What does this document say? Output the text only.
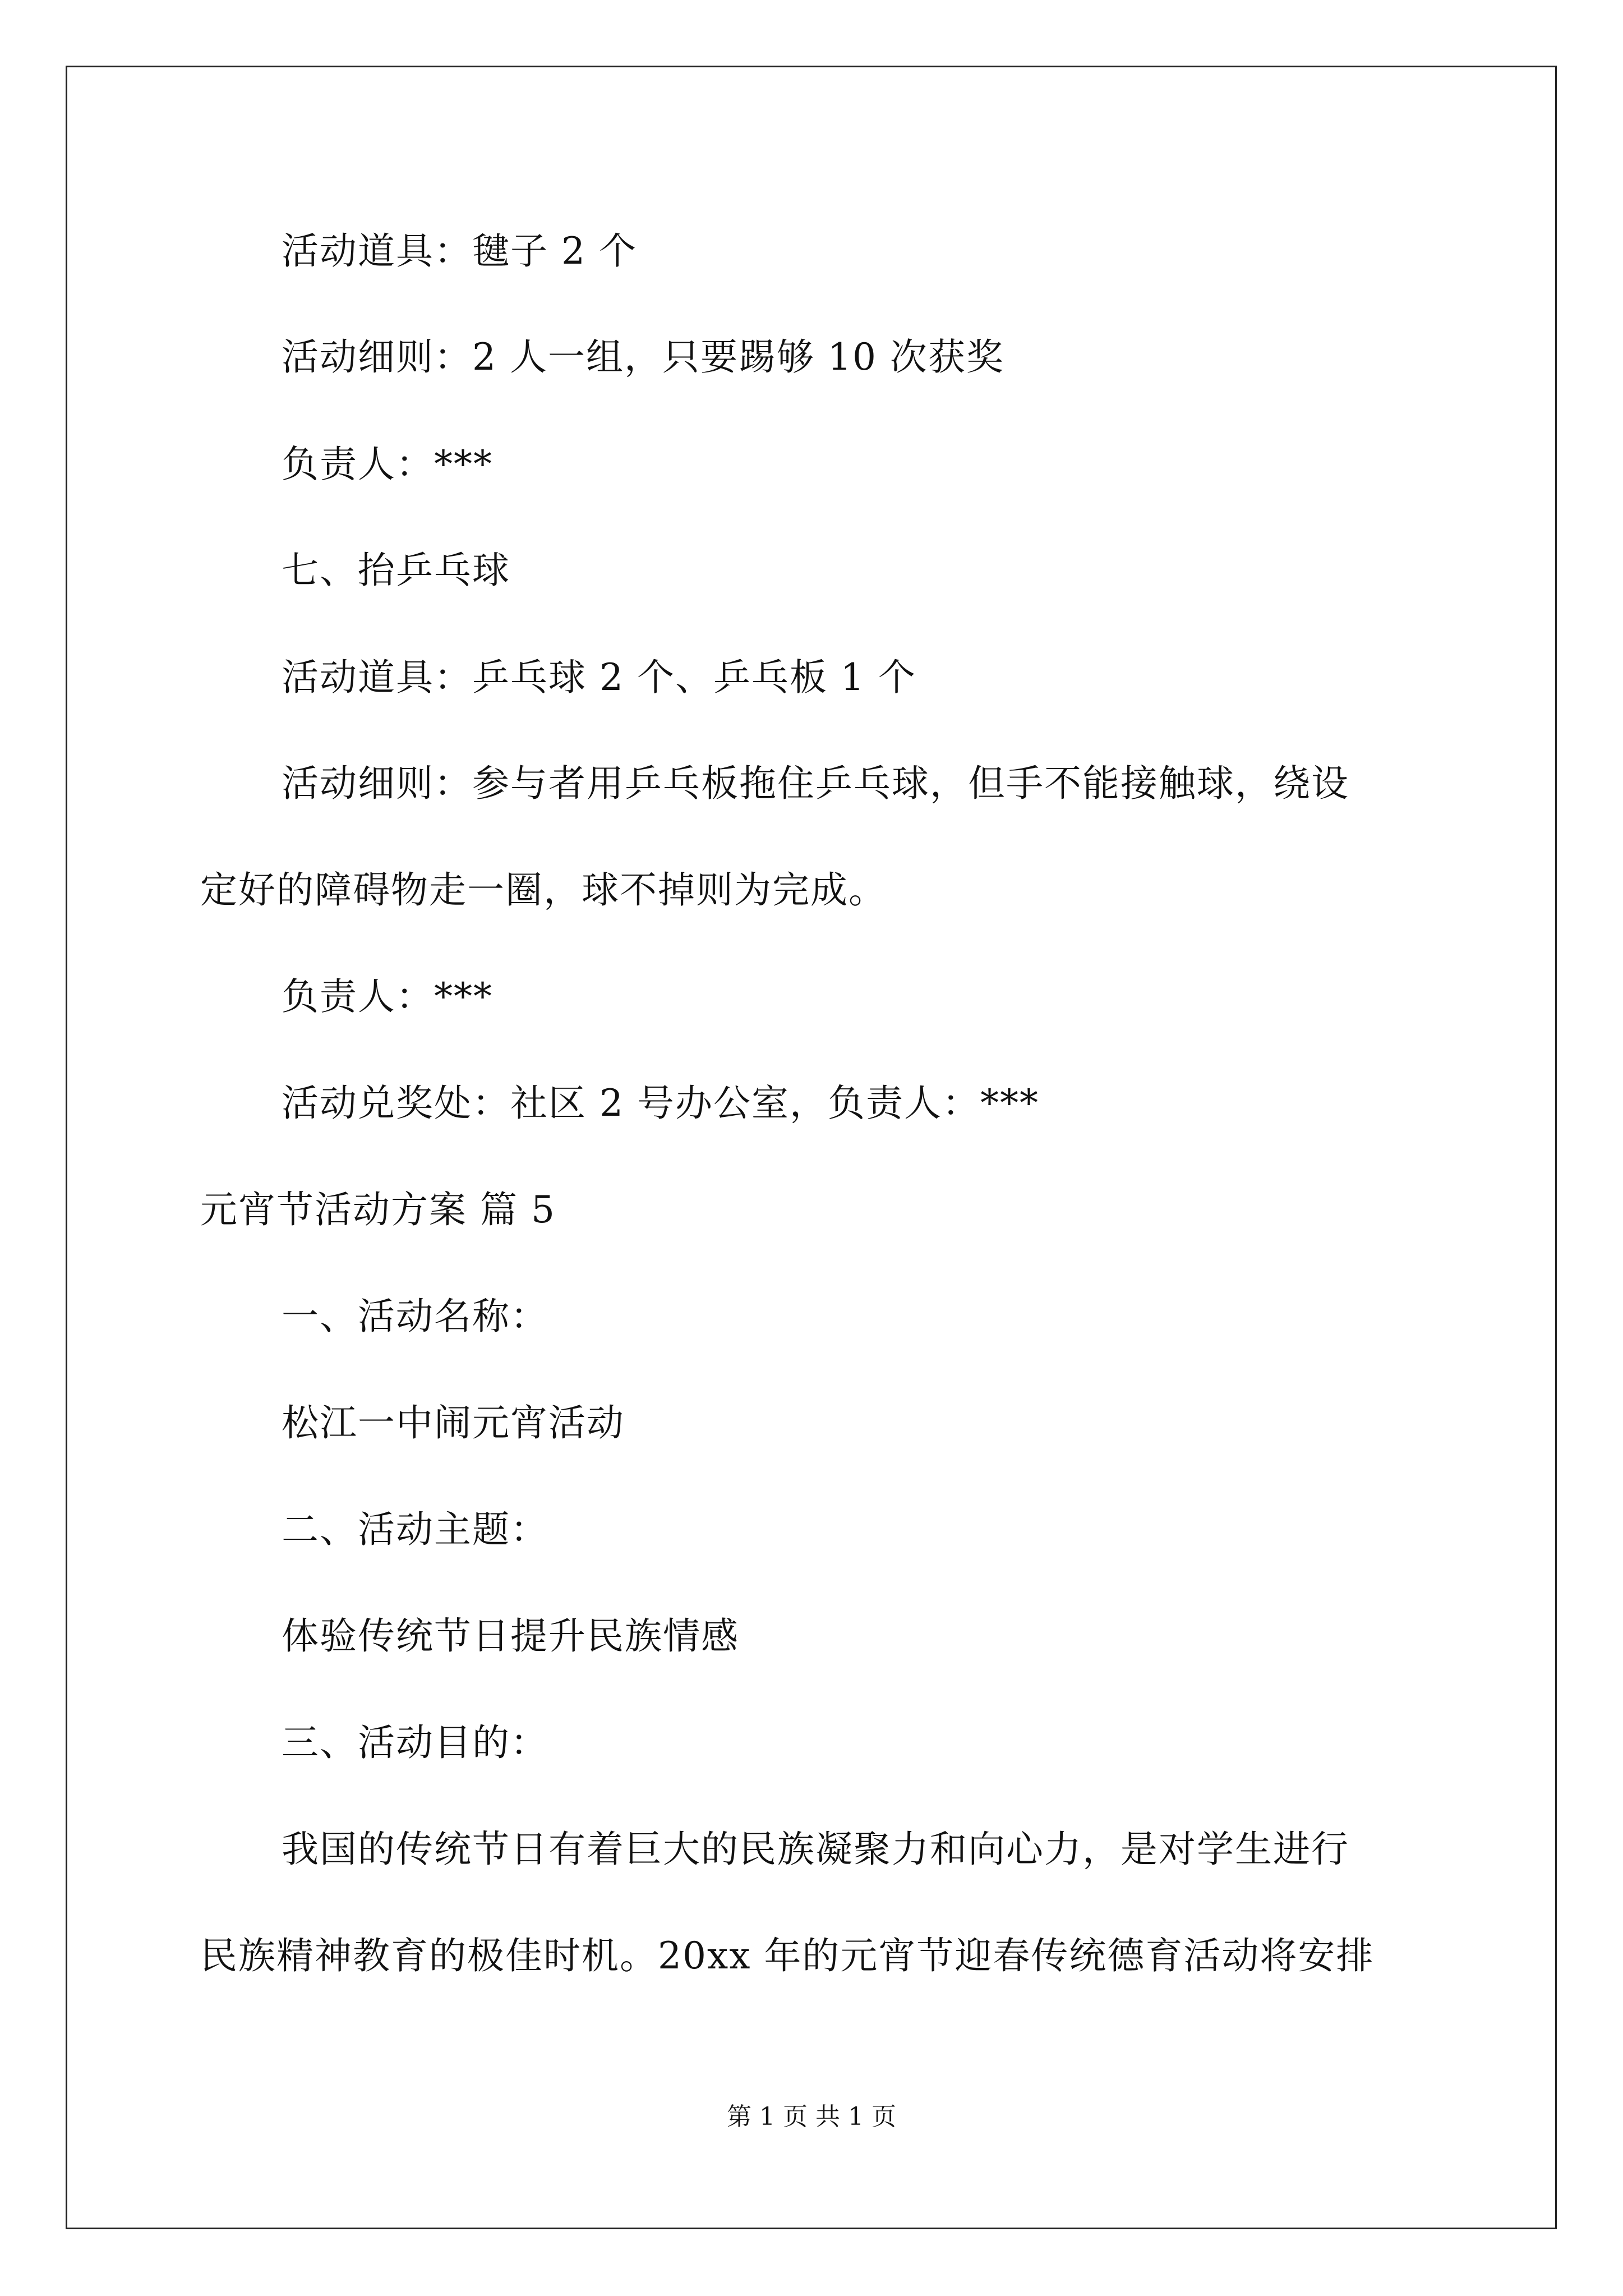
活动道具：毽子 2 个
活动细则：2 人一组，只要踢够 10 次获奖
负责人：***
七、抬乒乓球
活动道具：乒乓球 2 个、乒乓板 1 个
活动细则：参与者用乒乓板拖住乒乓球，但手不能接触球，绕设
定好的障碍物走一圈，球不掉则为完成。
负责人：***
活动兑奖处：社区 2 号办公室，负责人：***
元宵节活动方案 篇 5
一、活动名称：
松江一中闹元宵活动
二、活动主题：
体验传统节日提升民族情感
三、活动目的：
我国的传统节日有着巨大的民族凝聚力和向心力，是对学生进行
民族精神教育的极佳时机。20xx 年的元宵节迎春传统德育活动将安排
第 1 页 共 1 页
